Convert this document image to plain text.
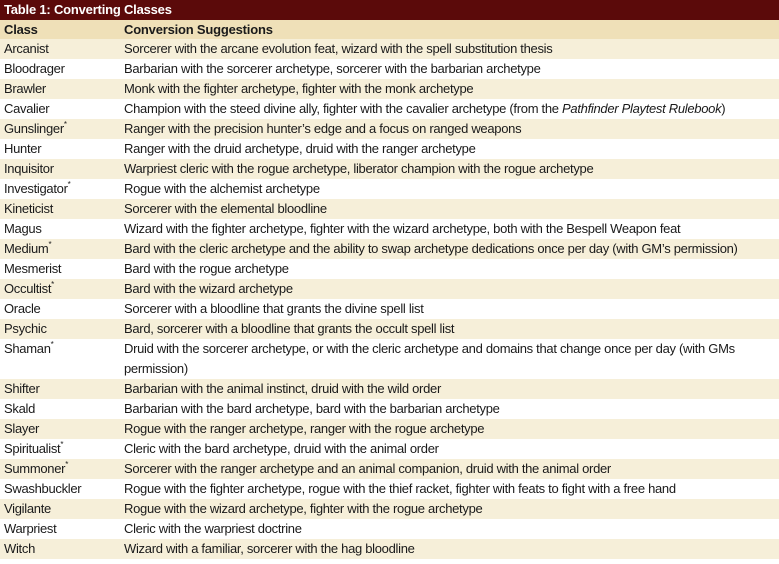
Table 1: Converting Classes
Class	Conversion Suggestions
Arcanist	Sorcerer with the arcane evolution feat, wizard with the spell substitution thesis
Bloodrager	Barbarian with the sorcerer archetype, sorcerer with the barbarian archetype
Brawler	Monk with the fighter archetype, fighter with the monk archetype
Cavalier	Champion with the steed divine ally, fighter with the cavalier archetype (from the Pathfinder Playtest Rulebook)
Gunslinger*	Ranger with the precision hunter’s edge and a focus on ranged weapons
Hunter	Ranger with the druid archetype, druid with the ranger archetype
Inquisitor	Warpriest cleric with the rogue archetype, liberator champion with the rogue archetype
Investigator*	Rogue with the alchemist archetype
Kineticist	Sorcerer with the elemental bloodline
Magus	Wizard with the fighter archetype, fighter with the wizard archetype, both with the Bespell Weapon feat
Medium*	Bard with the cleric archetype and the ability to swap archetype dedications once per day (with GM’s permission)
Mesmerist	Bard with the rogue archetype
Occultist*	Bard with the wizard archetype
Oracle	Sorcerer with a bloodline that grants the divine spell list
Psychic	Bard, sorcerer with a bloodline that grants the occult spell list
Shaman*	Druid with the sorcerer archetype, or with the cleric archetype and domains that change once per day (with GMs permission)
Shifter	Barbarian with the animal instinct, druid with the wild order
Skald	Barbarian with the bard archetype, bard with the barbarian archetype
Slayer	Rogue with the ranger archetype, ranger with the rogue archetype
Spiritualist*	Cleric with the bard archetype, druid with the animal order
Summoner*	Sorcerer with the ranger archetype and an animal companion, druid with the animal order
Swashbuckler	Rogue with the fighter archetype, rogue with the thief racket, fighter with feats to fight with a free hand
Vigilante	Rogue with the wizard archetype, fighter with the rogue archetype
Warpriest	Cleric with the warpriest doctrine
Witch	Wizard with a familiar, sorcerer with the hag bloodline
